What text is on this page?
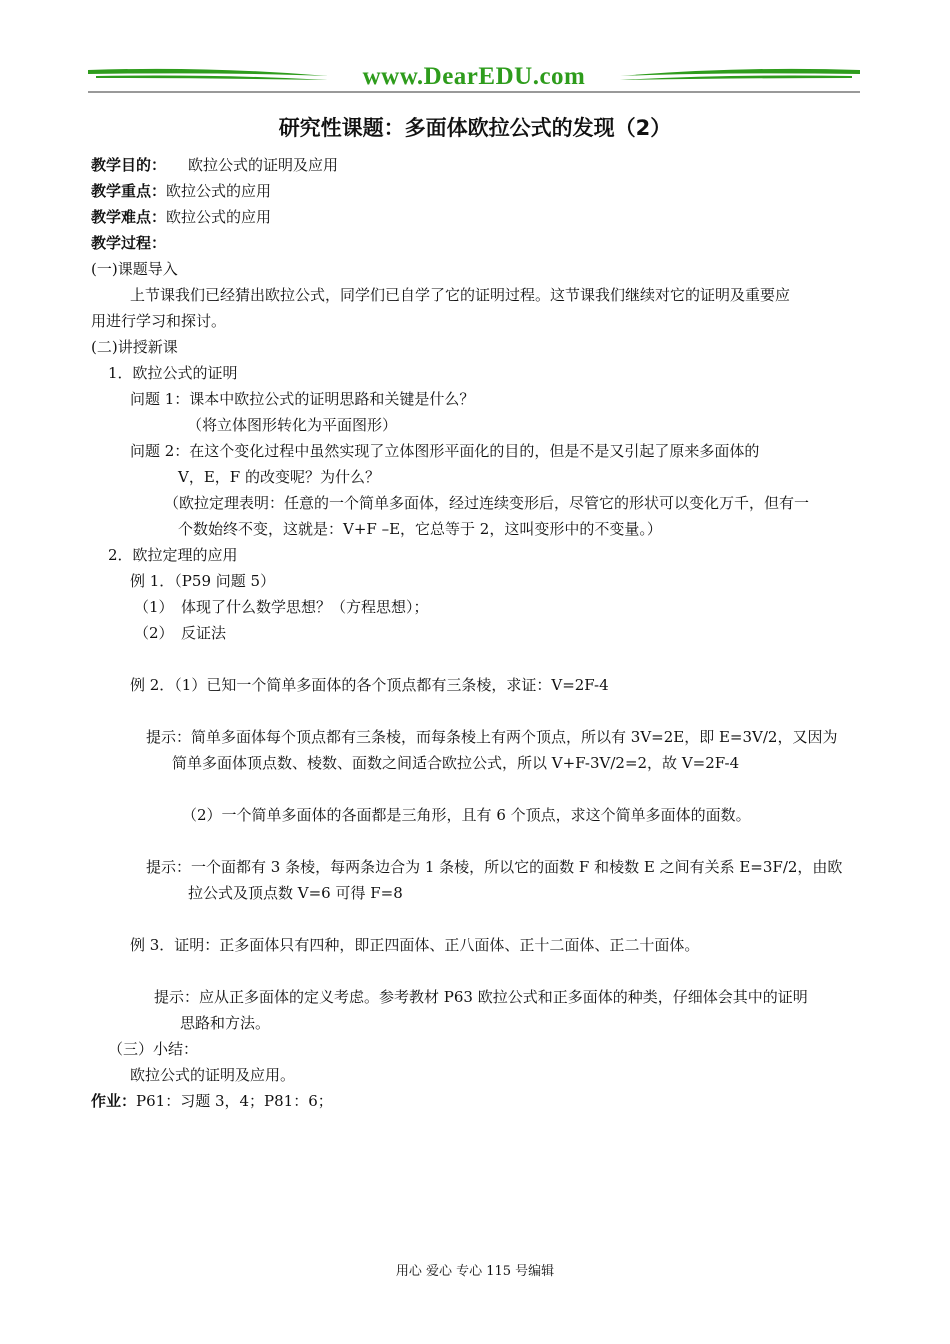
www.DearEDU.com
研究性课题：多面体欧拉公式的发现（2）
教学目的： 欧拉公式的证明及应用
教学重点：欧拉公式的应用
教学难点：欧拉公式的应用
教学过程：
(一)课题导入
上节课我们已经猜出欧拉公式，同学们已自学了它的证明过程。这节课我们继续对它的证明及重要应
用进行学习和探讨。
(二)讲授新课
1．欧拉公式的证明
问题 1：课本中欧拉公式的证明思路和关键是什么？
（将立体图形转化为平面图形）
问题 2：在这个变化过程中虽然实现了立体图形平面化的目的，但是不是又引起了原来多面体的
V，E，F 的改变呢？为什么？
（欧拉定理表明：任意的一个简单多面体，经过连续变形后，尽管它的形状可以变化万千，但有一
个数始终不变，这就是：V+F –E，它总等于 2，这叫变形中的不变量。）
2．欧拉定理的应用
例 1．（P59 问题 5）
（1）　体现了什么数学思想？（方程思想）；
（2）　反证法
例 2．（1）已知一个简单多面体的各个顶点都有三条棱，求证：V=2F-4
提示：简单多面体每个顶点都有三条棱，而每条棱上有两个顶点，所以有 3V=2E，即 E=3V/2，又因为
简单多面体顶点数、棱数、面数之间适合欧拉公式，所以 V+F-3V/2=2，故 V=2F-4
（2）一个简单多面体的各面都是三角形，且有 6 个顶点，求这个简单多面体的面数。
提示：一个面都有 3 条棱，每两条边合为 1 条棱，所以它的面数 F 和棱数 E 之间有关系 E=3F/2，由欧
拉公式及顶点数 V=6 可得 F=8
例 3．证明：正多面体只有四种，即正四面体、正八面体、正十二面体、正二十面体。
提示：应从正多面体的定义考虑。参考教材 P63 欧拉公式和正多面体的种类，仔细体会其中的证明
思路和方法。
（三）小结：
欧拉公式的证明及应用。
作业：P61：习题 3，4；P81：6；
用心 爱心 专心 115 号编辑
